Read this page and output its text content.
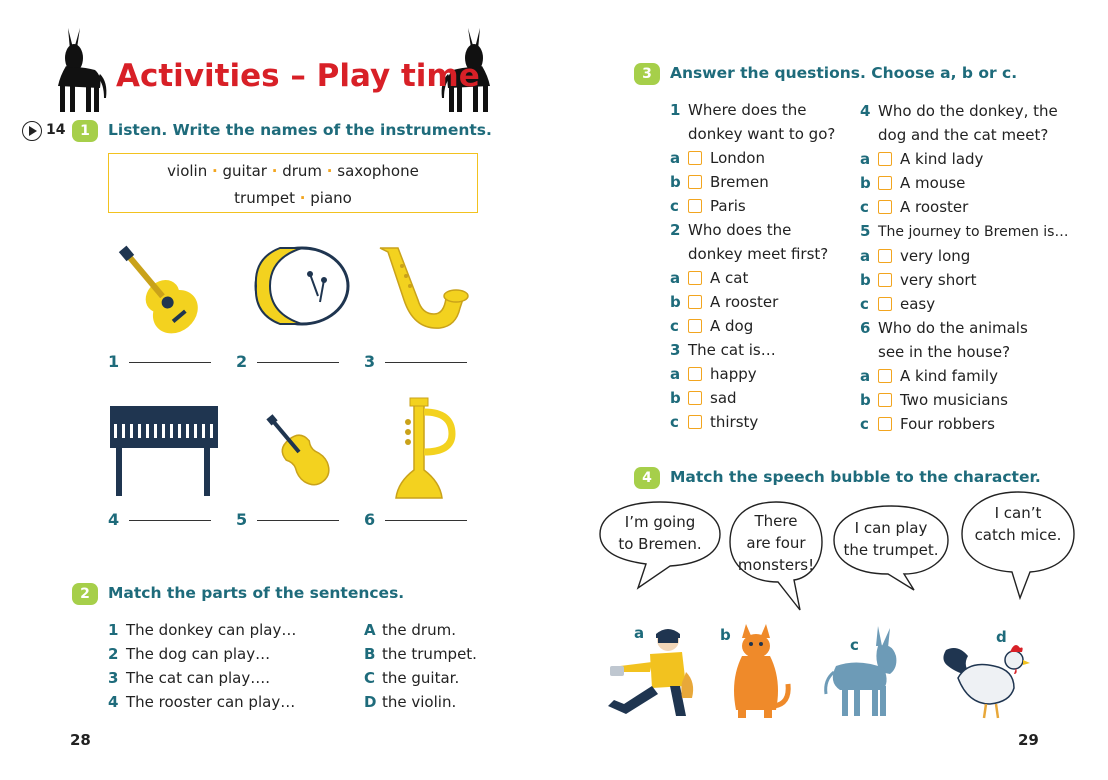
Activities – Play time
14	1	Listen. Write the names of the instruments.
violin · guitar · drum · saxophone
trumpet · piano
1	2	3
4	5	6
2	Match the parts of the sentences.
1 The donkey can play…
2 The dog can play…
3 The cat can play….
4 The rooster can play…
A the drum.
B the trumpet.
C the guitar.
D the violin.
28
3	Answer the questions. Choose a, b or c.
1 Where does the
donkey want to go?
a London
b Bremen
c Paris
2 Who does the
donkey meet first?
a A cat
b A rooster
c A dog
3 The cat is…
a happy
b sad
c thirsty
4 Who do the donkey, the
dog and the cat meet?
a A kind lady
b A mouse
c A rooster
5 The journey to Bremen is…
a very long
b very short
c easy
6 Who do the animals
see in the house?
a A kind family
b Two musicians
c Four robbers
4	Match the speech bubble to the character.
I’m going
to Bremen.
There
are four
monsters!
I can play
the trumpet.
I can’t
catch mice.
a	b
c	d
29
